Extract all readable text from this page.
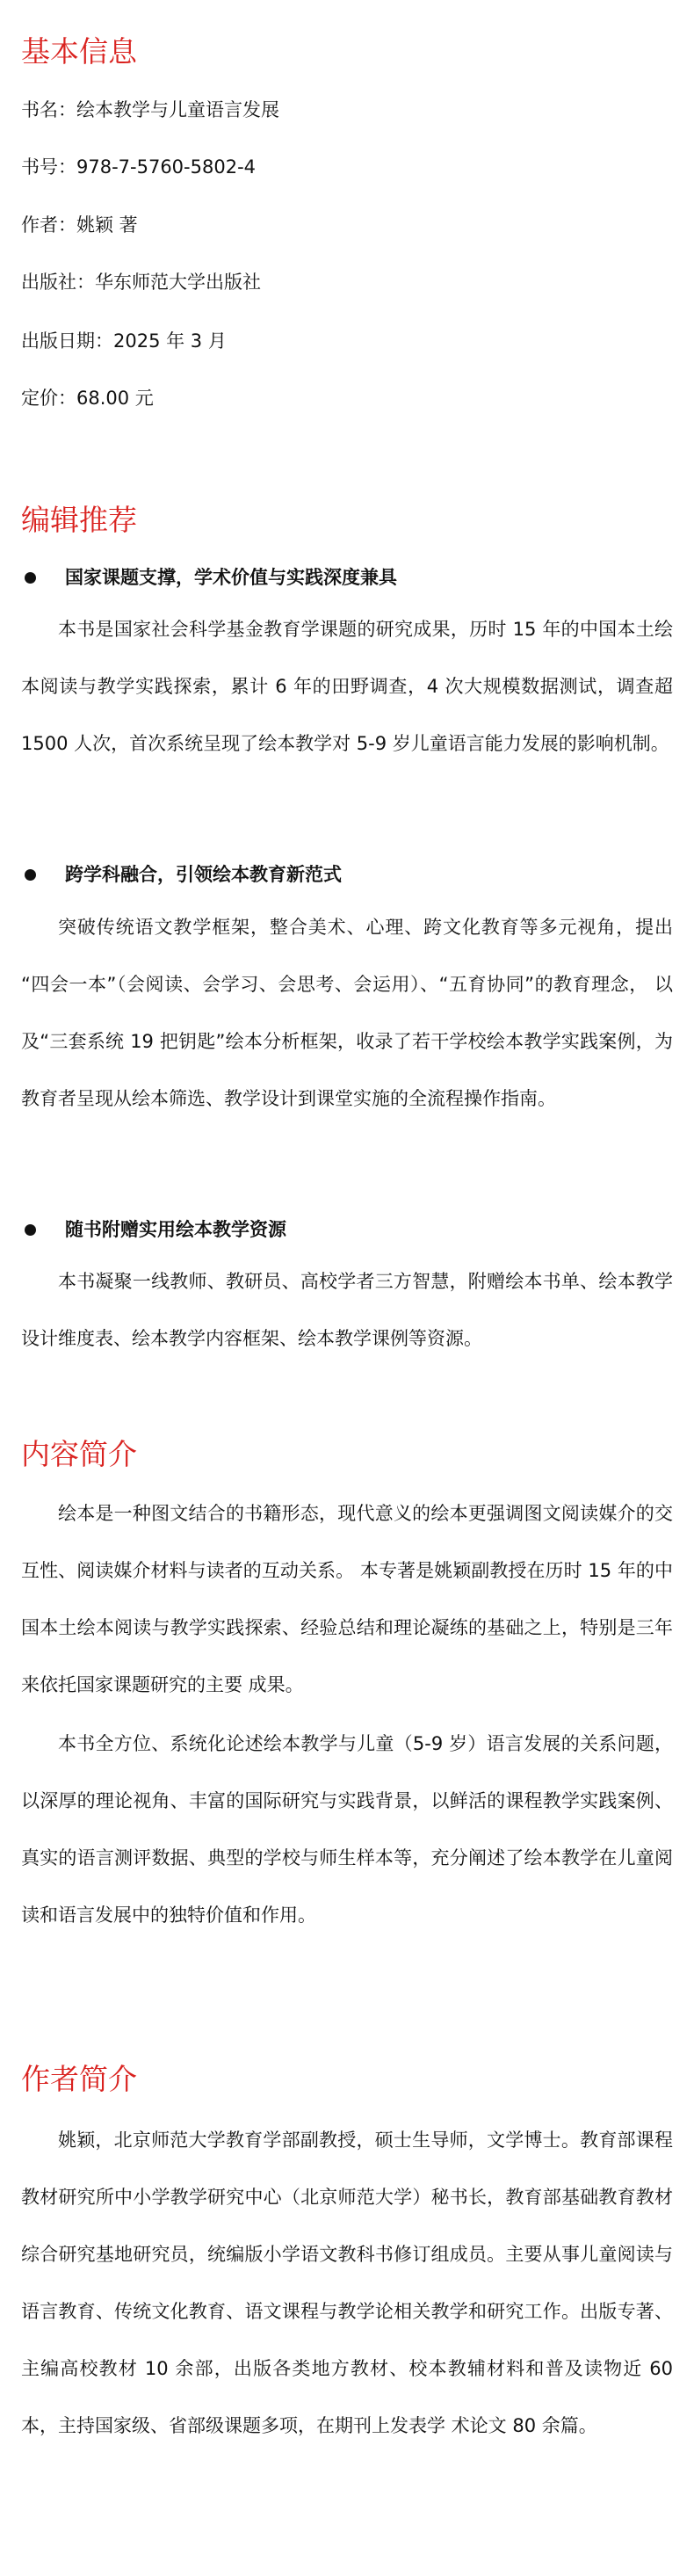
基本信息

书名：绘本教学与儿童语言发展

书号：978-7-5760-5802-4

作者：姚颖 著

出版社：华东师范大学出版社

出版日期：2025 年 3 月

定价：68.00 元

编辑推荐
国家课题支撑，学术价值与实践深度兼具

本书是国家社会科学基金教育学课题的研究成果，历时 15 年的中国本土绘本阅读与教学实践探索，累计 6 年的田野调查，4 次大规模数据测试，调查超 1500 人次，首次系统呈现了绘本教学对 5-9 岁儿童语言能力发展的影响机制。

跨学科融合，引领绘本教育新范式

突破传统语文教学框架，整合美术、心理、跨文化教育等多元视角，提出 “四会一本”（会阅读、会学习、会思考、会运用）、“五育协同”的教育理念， 以及“三套系统 19 把钥匙”绘本分析框架，收录了若干学校绘本教学实践案例，为教育者呈现从绘本筛选、教学设计到课堂实施的全流程操作指南。

随书附赠实用绘本教学资源

本书凝聚一线教师、教研员、高校学者三方智慧，附赠绘本书单、绘本教学设计维度表、绘本教学内容框架、绘本教学课例等资源。

内容简介

绘本是一种图文结合的书籍形态，现代意义的绘本更强调图文阅读媒介的交互性、阅读媒介材料与读者的互动关系。 本专著是姚颖副教授在历时 15 年的中国本土绘本阅读与教学实践探索、经验总结和理论凝练的基础之上，特别是三年来依托国家课题研究的主要 成果。

本书全方位、系统化论述绘本教学与儿童（5-9 岁）语言发展的关系问题，以深厚的理论视角、丰富的国际研究与实践背景，以鲜活的课程教学实践案例、真实的语言测评数据、典型的学校与师生样本等，充分阐述了绘本教学在儿童阅读和语言发展中的独特价值和作用。

作者简介

姚颖，北京师范大学教育学部副教授，硕士生导师，文学博士。教育部课程教材研究所中小学教学研究中心（北京师范大学）秘书长，教育部基础教育教材综合研究基地研究员，统编版小学语文教科书修订组成员。主要从事儿童阅读与语言教育、传统文化教育、语文课程与教学论相关教学和研究工作。出版专著、主编高校教材 10 余部，出版各类地方教材、校本教辅材料和普及读物近 60 本，主持国家级、省部级课题多项，在期刊上发表学 术论文 80 余篇。
